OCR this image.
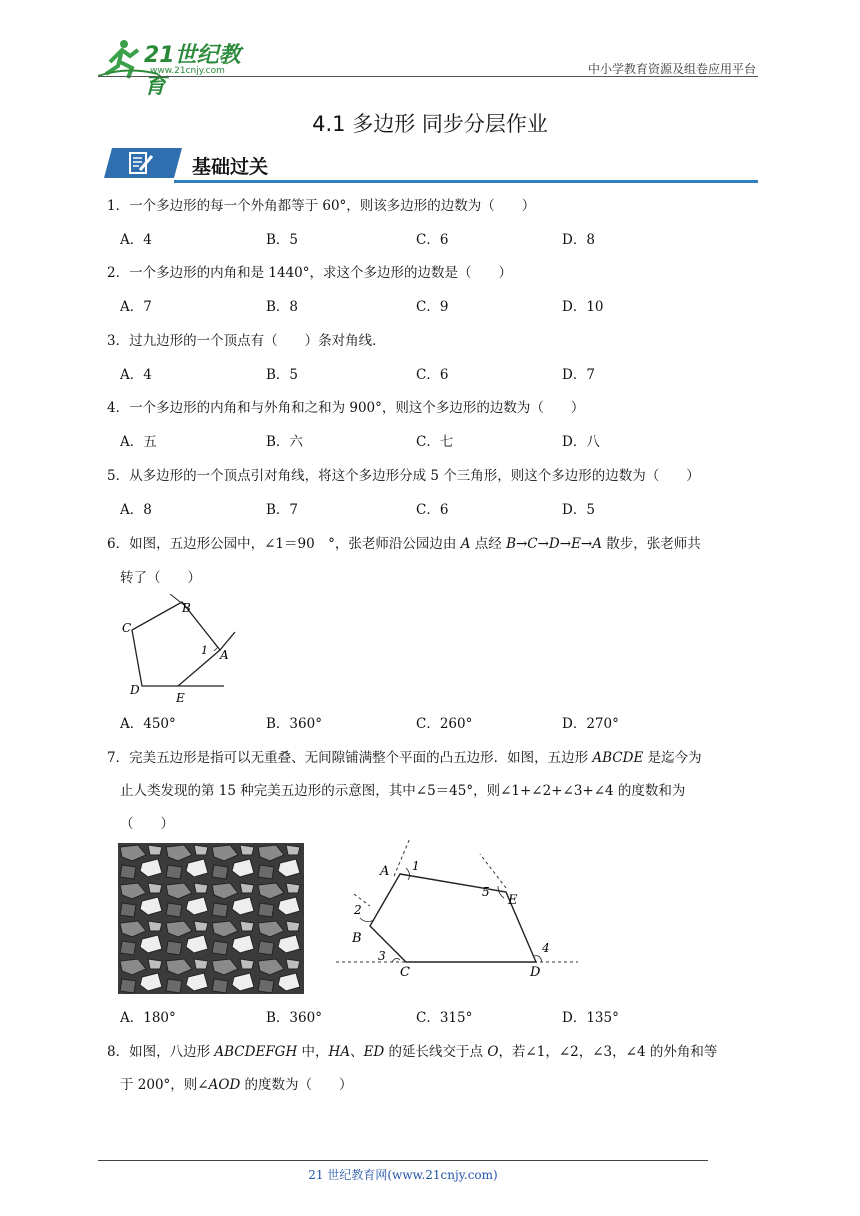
21世纪教育
www.21cnjy.com	中小学教育资源及组卷应用平台
4.1 多边形 同步分层作业
基础过关
1．一个多边形的每一个外角都等于 60°，则该多边形的边数为（　　）
A．4	B．5	C．6	D．8
2．一个多边形的内角和是 1440°，求这个多边形的边数是（　　）
A．7	B．8	C．9	D．10
3．过九边形的一个顶点有（　　）条对角线．
A．4	B．5	C．6	D．7
4．一个多边形的内角和与外角和之和为 900°，则这个多边形的边数为（　　）
A．五	B．六	C．七	D．八
5．从多边形的一个顶点引对角线，将这个多边形分成 5 个三角形，则这个多边形的边数为（　　）
A．8	B．7	C．6	D．5
6．如图，五边形公园中，∠1＝90　°，张老师沿公园边由 A 点经 B→C→D→E→A 散步，张老师共
转了（　　）
B
C
D
E
A
1
A．450°	B．360°	C．260°	D．270°
7．完美五边形是指可以无重叠、无间隙铺满整个平面的凸五边形．如图，五边形 ABCDE 是迄今为
止人类发现的第 15 种完美五边形的示意图，其中∠5＝45°，则∠1+∠2+∠3+∠4 的度数和为
（　　）
A
B
C	D
E
1
2
3
4
5
A．180°	B．360°	C．315°	D．135°
8．如图，八边形 ABCDEFGH 中，HA、ED 的延长线交于点 O，若∠1，∠2，∠3，∠4 的外角和等
于 200°，则∠AOD 的度数为（　　）
21 世纪教育网(www.21cnjy.com)
